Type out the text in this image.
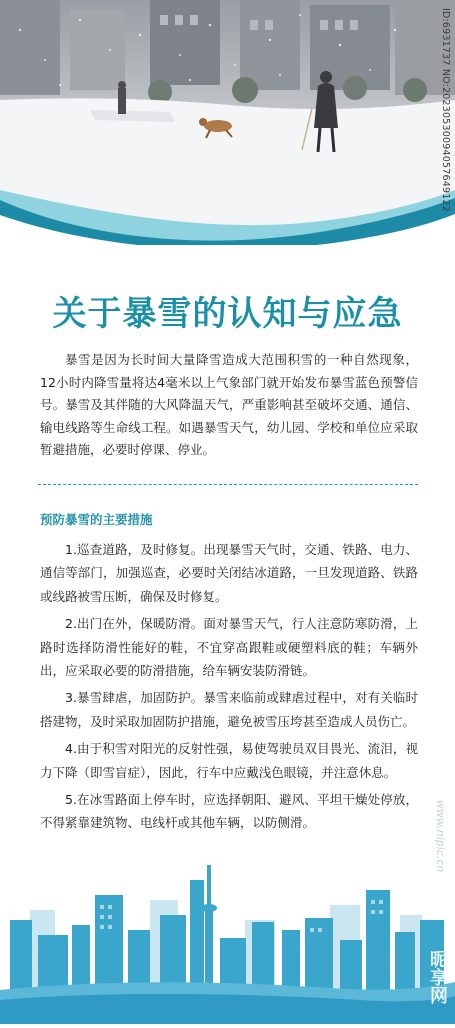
ID:6931737 NO:20230530094057649122
关于暴雪的认知与应急
暴雪是因为长时间大量降雪造成大范围积雪的一种自然现象，12小时内降雪量将达4毫米以上气象部门就开始发布暴雪蓝色预警信号。暴雪及其伴随的大风降温天气，严重影响甚至破坏交通、通信、输电线路等生命线工程。如遇暴雪天气，幼儿园、学校和单位应采取暂避措施，必要时停课、停业。
预防暴雪的主要措施

1.巡查道路，及时修复。出现暴雪天气时，交通、铁路、电力、通信等部门，加强巡查，必要时关闭结冰道路，一旦发现道路、铁路或线路被雪压断，确保及时修复。

2.出门在外，保暖防滑。面对暴雪天气，行人注意防寒防滑，上路时选择防滑性能好的鞋，不宜穿高跟鞋或硬塑料底的鞋；车辆外出，应采取必要的防滑措施，给车辆安装防滑链。

3.暴雪肆虐，加固防护。暴雪来临前或肆虐过程中，对有关临时搭建物，及时采取加固防护措施，避免被雪压垮甚至造成人员伤亡。

4.由于积雪对阳光的反射性强，易使驾驶员双目畏光、流泪，视力下降（即雪盲症），因此，行车中应戴浅色眼镜，并注意休息。

5.在冰雪路面上停车时，应选择朝阳、避风、平坦干燥处停放，不得紧靠建筑物、电线杆或其他车辆，以防侧滑。	www.nipic.cn
昵享网
